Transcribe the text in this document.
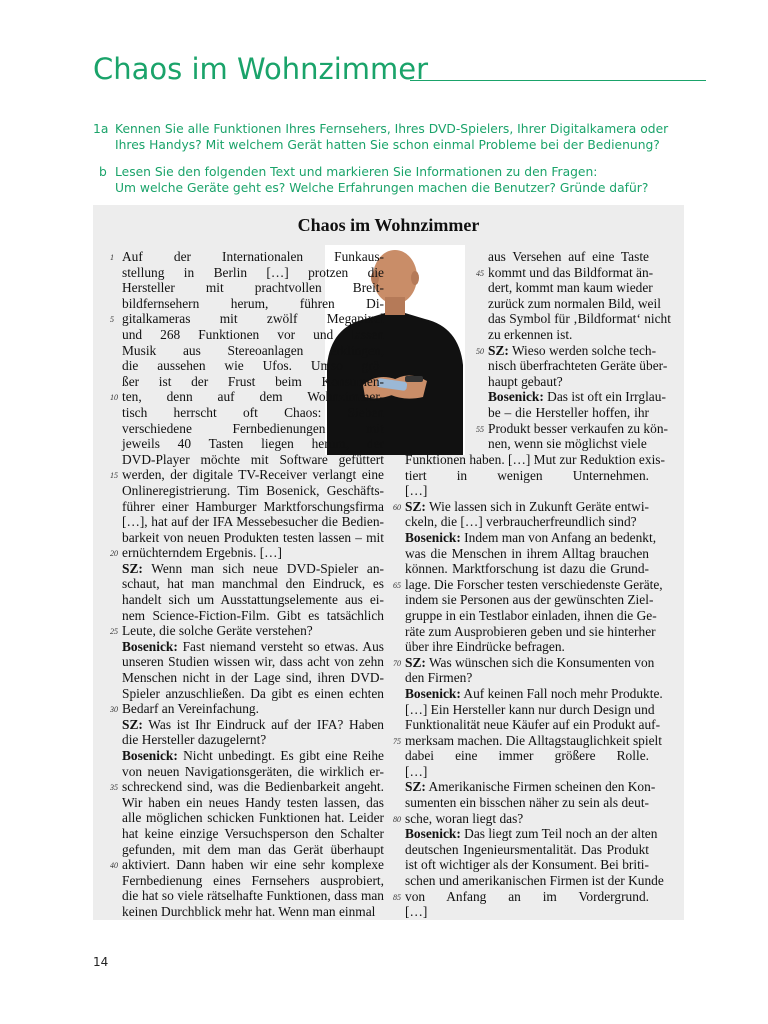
Chaos im Wohnzimmer
1a Kennen Sie alle Funktionen Ihres Fernsehers, Ihres DVD-Spielers, Ihrer Digitalkamera oder
Ihres Handys? Mit welchem Gerät hatten Sie schon einmal Probleme bei der Bedienung?
b Lesen Sie den folgenden Text und markieren Sie Informationen zu den Fragen:
Um welche Geräte geht es? Welche Erfahrungen machen die Benutzer? Gründe dafür?
Chaos im Wohnzimmer
1 Auf der Internationalen Funkaus-
stellung in Berlin […] protzen die
Hersteller mit prachtvollen Breit-
bildfernsehern herum, führen Di-
5 gitalkameras mit zwölf Megapixel
und 268 Funktionen vor und lassen
Musik aus Stereoanlagen erklingen,
die aussehen wie Ufos. Umso grö-
ßer ist der Frust beim Konsumen-
10 ten, denn auf dem Wohnzimmer-
tisch herrscht oft Chaos: Sieben
verschiedene Fernbedienungen mit
jeweils 40 Tasten liegen herum, der
DVD-Player möchte mit Software gefüttert
15 werden, der digitale TV-Receiver verlangt eine
Onlineregistrierung. Tim Bosenick, Geschäfts-
führer einer Hamburger Marktforschungsfirma
[…], hat auf der IFA Messebesucher die Bedien-
barkeit von neuen Produkten testen lassen – mit
20 ernüchterndem Ergebnis. […]
SZ: Wenn man sich neue DVD-Spieler an-
schaut, hat man manchmal den Eindruck, es
handelt sich um Ausstattungselemente aus ei-
nem Science-Fiction-Film. Gibt es tatsächlich
25 Leute, die solche Geräte verstehen?
Bosenick: Fast niemand versteht so etwas. Aus
unseren Studien wissen wir, dass acht von zehn
Menschen nicht in der Lage sind, ihren DVD-
Spieler anzuschließen. Da gibt es einen echten
30 Bedarf an Vereinfachung.
SZ: Was ist Ihr Eindruck auf der IFA? Haben
die Hersteller dazugelernt?
Bosenick: Nicht unbedingt. Es gibt eine Reihe
von neuen Navigationsgeräten, die wirklich er-
35 schreckend sind, was die Bedienbarkeit angeht.
Wir haben ein neues Handy testen lassen, das
alle möglichen schicken Funktionen hat. Leider
hat keine einzige Versuchsperson den Schalter
gefunden, mit dem man das Gerät überhaupt
40 aktiviert. Dann haben wir eine sehr komplexe
Fernbedienung eines Fernsehers ausprobiert,
die hat so viele rätselhafte Funktionen, dass man
keinen Durchblick mehr hat. Wenn man einmal
aus Versehen auf eine Taste
45 kommt und das Bildformat än-
dert, kommt man kaum wieder
zurück zum normalen Bild, weil
das Symbol für ‚Bildformat‘ nicht
zu erkennen ist.
50 SZ: Wieso werden solche tech-
nisch überfrachteten Geräte über-
haupt gebaut?
Bosenick: Das ist oft ein Irrglau-
be – die Hersteller hoffen, ihr
55 Produkt besser verkaufen zu kön-
nen, wenn sie möglichst viele
Funktionen haben. […] Mut zur Reduktion exis-
tiert in wenigen Unternehmen.
[…]
60 SZ: Wie lassen sich in Zukunft Geräte entwi-
ckeln, die […] verbraucherfreundlich sind?
Bosenick: Indem man von Anfang an bedenkt,
was die Menschen in ihrem Alltag brauchen
können. Marktforschung ist dazu die Grund-
65 lage. Die Forscher testen verschiedenste Geräte,
indem sie Personen aus der gewünschten Ziel-
gruppe in ein Testlabor einladen, ihnen die Ge-
räte zum Ausprobieren geben und sie hinterher
über ihre Eindrücke befragen.
70 SZ: Was wünschen sich die Konsumenten von
den Firmen?
Bosenick: Auf keinen Fall noch mehr Produkte.
[…] Ein Hersteller kann nur durch Design und
Funktionalität neue Käufer auf ein Produkt auf-
75 merksam machen. Die Alltagstauglichkeit spielt
dabei eine immer größere Rolle.
[…]
SZ: Amerikanische Firmen scheinen den Kon-
sumenten ein bisschen näher zu sein als deut-
80 sche, woran liegt das?
Bosenick: Das liegt zum Teil noch an der alten
deutschen Ingenieursmentalität. Das Produkt
ist oft wichtiger als der Konsument. Bei briti-
schen und amerikanischen Firmen ist der Kunde
85 von Anfang an im Vordergrund.
[…]
14
